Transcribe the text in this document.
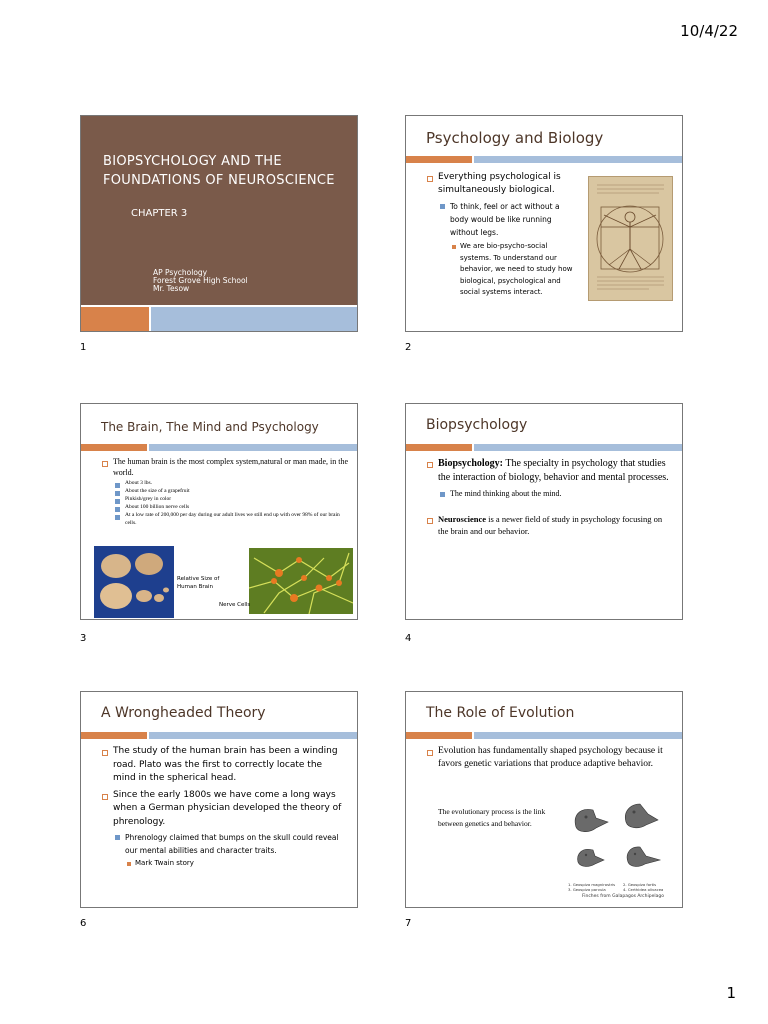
10/4/22
BIOPSYCHOLOGY AND THE FOUNDATIONS OF NEUROSCIENCE
CHAPTER 3
AP Psychology
Forest Grove High School
Mr. Tesow
1
Psychology and Biology
Everything psychological is simultaneously biological.
To think, feel or act without a body would be like running without legs.
We are bio-psycho-social systems. To understand our behavior, we need to study how biological, psychological and social systems interact.
2
The Brain, The Mind and Psychology
The human brain is the most complex system,natural or man made, in the world.
About 3 lbs.
About the size of a grapefruit
Pinkish/grey in color
About 100 billion nerve cells
At a low rate of 200,000 per day during our adult lives we still end up with over 98% of our brain cells.
Relative Size of Human Brain
Nerve Cells
3
Biopsychology
Biopsychology: The specialty in psychology that studies the interaction of biology, behavior and mental processes.
The mind thinking about the mind.
Neuroscience is a newer field of study in psychology focusing on the brain and our behavior.
4
A Wrongheaded Theory
The study of the human brain has been a winding road. Plato was the first to correctly locate the mind in the spherical head.
Since the early 1800s we have come a long ways when a German physician developed the theory of phrenology.
Phrenology claimed that bumps on the skull could reveal our mental abilities and character traits.
Mark Twain story
6
The Role of Evolution
Evolution has fundamentally shaped psychology because it favors genetic variations that produce adaptive behavior.
The evolutionary process is the link between genetics and behavior.
1. Geospiza magnirostris	2. Geospiza fortis
3. Geospiza parvula	4. Certhidea olivacea
Finches from Galapagos Archipelago
7
1
